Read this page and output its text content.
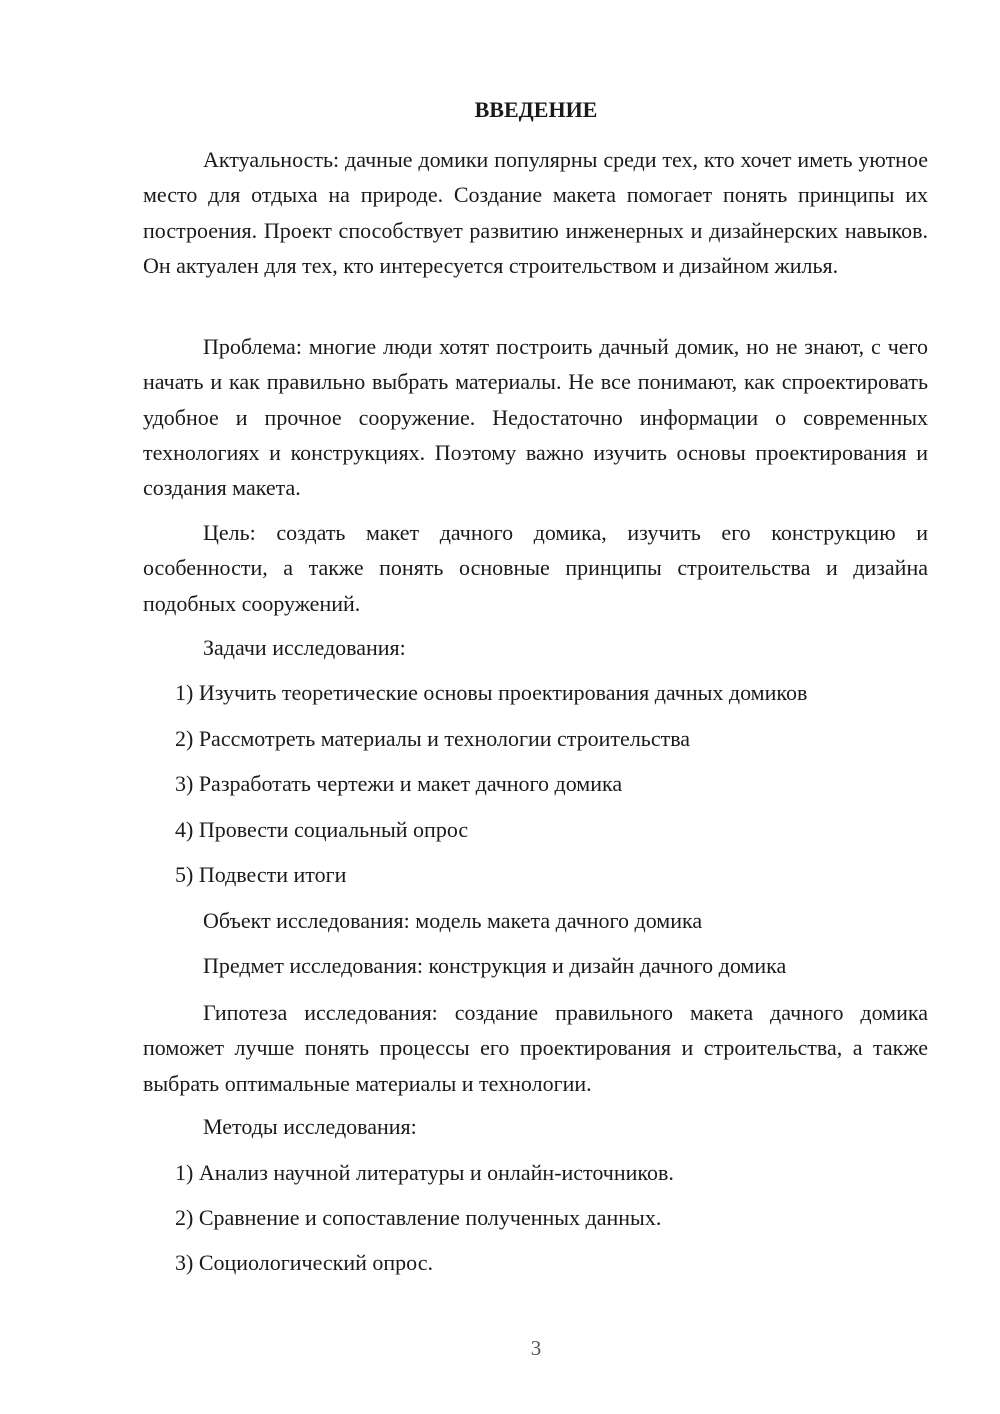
ВВЕДЕНИЕ

Актуальность: дачные домики популярны среди тех, кто хочет иметь уютное место для отдыха на природе. Создание макета помогает понять принципы их построения. Проект способствует развитию инженерных и дизайнерских навыков. Он актуален для тех, кто интересуется строительством и дизайном жилья.

Проблема: многие люди хотят построить дачный домик, но не знают, с чего начать и как правильно выбрать материалы. Не все понимают, как спроектировать удобное и прочное сооружение. Недостаточно информации о современных технологиях и конструкциях. Поэтому важно изучить основы проектирования и создания макета.

Цель: создать макет дачного домика, изучить его конструкцию и особенности, а также понять основные принципы строительства и дизайна подобных сооружений.

Задачи исследования:
1) Изучить теоретические основы проектирования дачных домиков
2) Рассмотреть материалы и технологии строительства
3) Разработать чертежи и макет дачного домика
4) Провести социальный опрос
5) Подвести итоги
Объект исследования: модель макета дачного домика
Предмет исследования: конструкция и дизайн дачного домика

Гипотеза исследования: создание правильного макета дачного домика поможет лучше понять процессы его проектирования и строительства, а также выбрать оптимальные материалы и технологии.

Методы исследования:
1) Анализ научной литературы и онлайн-источников.
2) Сравнение и сопоставление полученных данных.
3) Социологический опрос.
3
